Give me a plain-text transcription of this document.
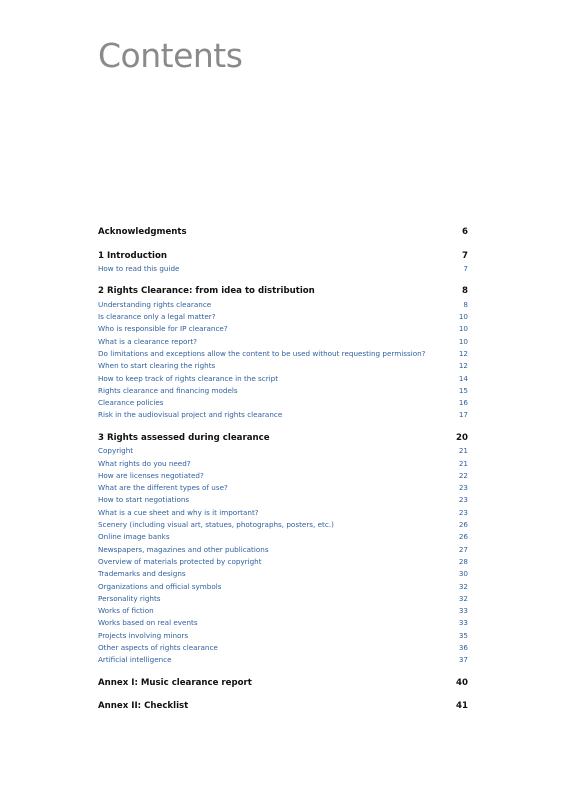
Contents
Acknowledgments	6
1 Introduction	7
How to read this guide	7
2 Rights Clearance: from idea to distribution	8
Understanding rights clearance	8
Is clearance only a legal matter?	10
Who is responsible for IP clearance?	10
What is a clearance report?	10
Do limitations and exceptions allow the content to be used without requesting permission?	12
When to start clearing the rights	12
How to keep track of rights clearance in the script	14
Rights clearance and financing models	15
Clearance policies	16
Risk in the audiovisual project and rights clearance	17
3 Rights assessed during clearance	20
Copyright	21
What rights do you need?	21
How are licenses negotiated?	22
What are the different types of use?	23
How to start negotiations	23
What is a cue sheet and why is it important?	23
Scenery (including visual art, statues, photographs, posters, etc.)	26
Online image banks	26
Newspapers, magazines and other publications	27
Overview of materials protected by copyright	28
Trademarks and designs	30
Organizations and official symbols	32
Personality rights	32
Works of fiction	33
Works based on real events	33
Projects involving minors	35
Other aspects of rights clearance	36
Artificial intelligence	37
Annex I: Music clearance report	40
Annex II: Checklist	41
